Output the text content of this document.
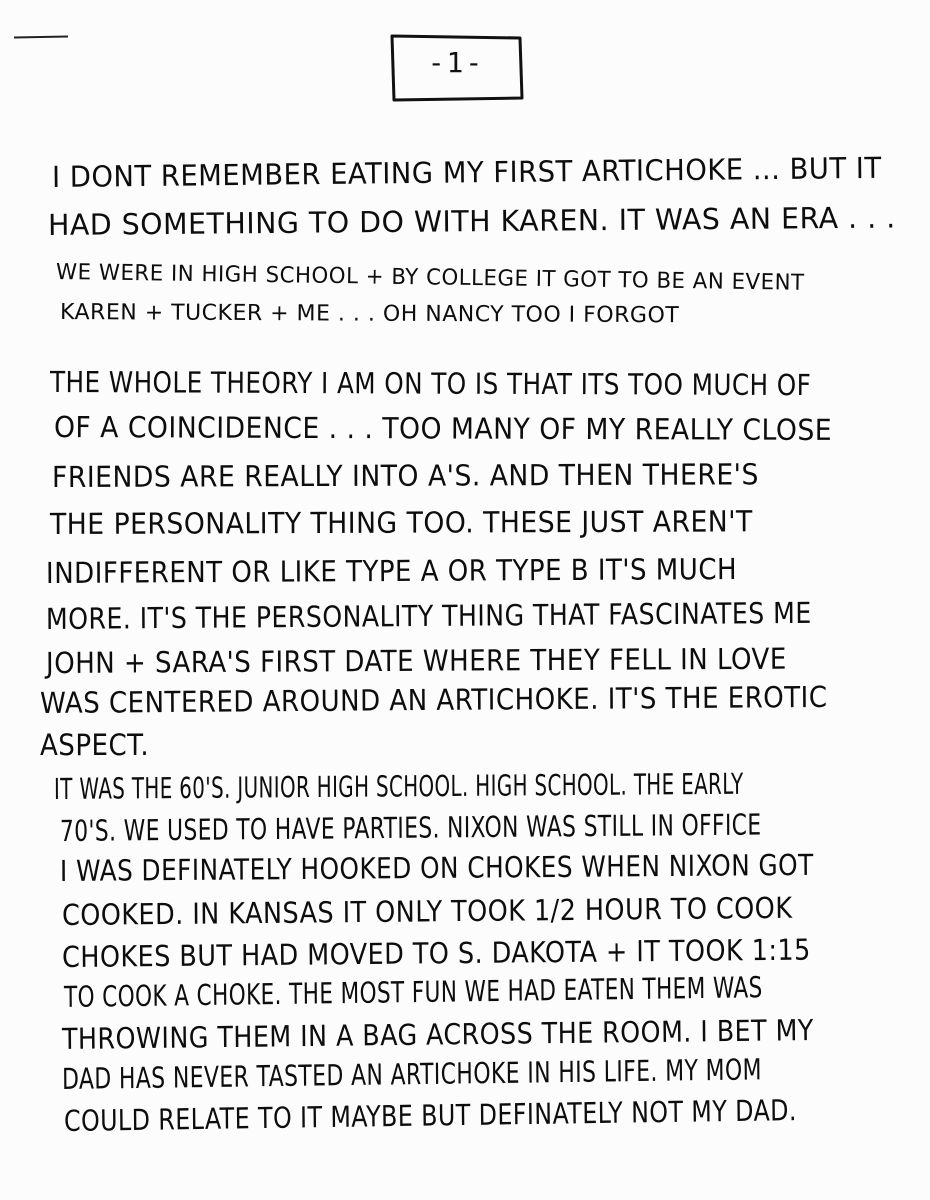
-1-
I DONT REMEMBER EATING MY FIRST ARTICHOKE ... BUT IT
HAD SOMETHING TO DO WITH KAREN. IT WAS AN ERA . . .
WE WERE IN HIGH SCHOOL + BY COLLEGE IT GOT TO BE AN EVENT
KAREN + TUCKER + ME . . . OH NANCY TOO I FORGOT
THE WHOLE THEORY I AM ON TO IS THAT ITS TOO MUCH OF
OF A COINCIDENCE . . . TOO MANY OF MY REALLY CLOSE
FRIENDS ARE REALLY INTO A'S. AND THEN THERE'S
THE PERSONALITY THING TOO. THESE JUST AREN'T
INDIFFERENT OR LIKE TYPE A OR TYPE B IT'S MUCH
MORE. IT'S THE PERSONALITY THING THAT FASCINATES ME
JOHN + SARA'S FIRST DATE WHERE THEY FELL IN LOVE
WAS CENTERED AROUND AN ARTICHOKE. IT'S THE EROTIC
ASPECT.
IT WAS THE 60'S. JUNIOR HIGH SCHOOL. HIGH SCHOOL. THE EARLY
70'S. WE USED TO HAVE PARTIES. NIXON WAS STILL IN OFFICE
I WAS DEFINATELY HOOKED ON CHOKES WHEN NIXON GOT
COOKED. IN KANSAS IT ONLY TOOK 1/2 HOUR TO COOK
CHOKES BUT HAD MOVED TO S. DAKOTA + IT TOOK 1:15
TO COOK A CHOKE. THE MOST FUN WE HAD EATEN THEM WAS
THROWING THEM IN A BAG ACROSS THE ROOM. I BET MY
DAD HAS NEVER TASTED AN ARTICHOKE IN HIS LIFE. MY MOM
COULD RELATE TO IT MAYBE BUT DEFINATELY NOT MY DAD.
